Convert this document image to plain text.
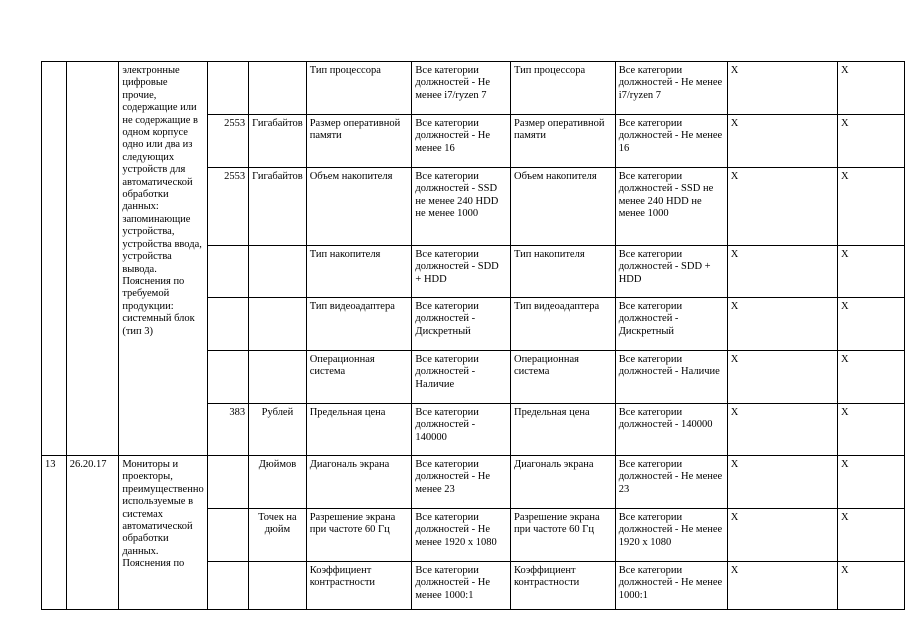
		электронные цифровые прочие, содержащие или не содержащие в одном корпусе одно или два из следующих устройств для автоматической обработки данных: запоминающие устройства, устройства ввода, устройства вывода. Пояснения по требуемой продукции: системный блок (тип 3)			Тип процессора	Все категории должностей - Не менее i7/ryzen 7	Тип процессора	Все категории должностей - Не менее i7/ryzen 7	X	X
			2553	Гигабайтов	Размер оперативной памяти	Все категории должностей - Не менее 16	Размер оперативной памяти	Все категории должностей - Не менее 16	X	X
			2553	Гигабайтов	Объем накопителя	Все категории должностей - SSD не менее 240 HDD не менее 1000	Объем накопителя	Все категории должностей - SSD не менее 240 HDD не менее 1000	X	X
					Тип накопителя	Все категории должностей - SDD + HDD	Тип накопителя	Все категории должностей - SDD + HDD	X	X
					Тип видеоадаптера	Все категории должностей - Дискретный	Тип видеоадаптера	Все категории должностей - Дискретный	X	X
					Операционная система	Все категории должностей - Наличие	Операционная система	Все категории должностей - Наличие	X	X
			383	Рублей	Предельная цена	Все категории должностей - 140000	Предельная цена	Все категории должностей - 140000	X	X
13	26.20.17	Мониторы и проекторы, преимущественно используемые в системах автоматической обработки данных. Пояснения по		Дюймов	Диагональ экрана	Все категории должностей - Не менее 23	Диагональ экрана	Все категории должностей - Не менее 23	X	X
				Точек на дюйм	Разрешение экрана при частоте 60 Гц	Все категории должностей - Не менее 1920 x 1080	Разрешение экрана при частоте 60 Гц	Все категории должностей - Не менее 1920 x 1080	X	X
					Коэффициент контрастности	Все категории должностей - Не менее 1000:1	Коэффициент контрастности	Все категории должностей - Не менее 1000:1	X	X
